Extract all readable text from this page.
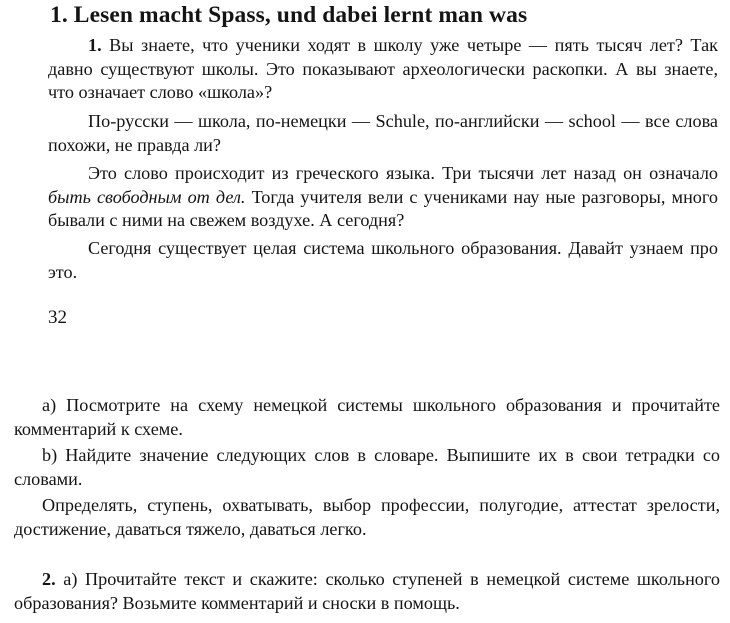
1. Lesen macht Spass, und dabei lernt man was

1. Вы знаете, что ученики ходят в школу уже четыре — пять тысяч лет? Так давно существуют школы. Это показывают археологически раскопки. А вы знаете, что означает слово «школа»?

По-русски — школа, по-немецки — Schule, по-английски — school — все слова похожи, не правда ли?

Это слово происходит из греческого языка. Три тысячи лет назад он означало быть свободным от дел. Тогда учителя вели с учениками нау ные разговоры, много бывали с ними на свежем воздухе. А сегодня?

Сегодня существует целая система школьного образования. Давайт узнаем про это.

32

а) Посмотрите на схему немецкой системы школьного образования и прочитайте комментарий к схеме.

b) Найдите значение следующих слов в словаре. Выпишите их в свои тетрадки со словами.

Определять, ступень, охватывать, выбор профессии, полугодие, аттестат зрелости, достижение, даваться тяжело, даваться легко.

2. а) Прочитайте текст и скажите: сколько ступеней в немецкой системе школьного образования? Возьмите комментарий и сноски в помощь.
